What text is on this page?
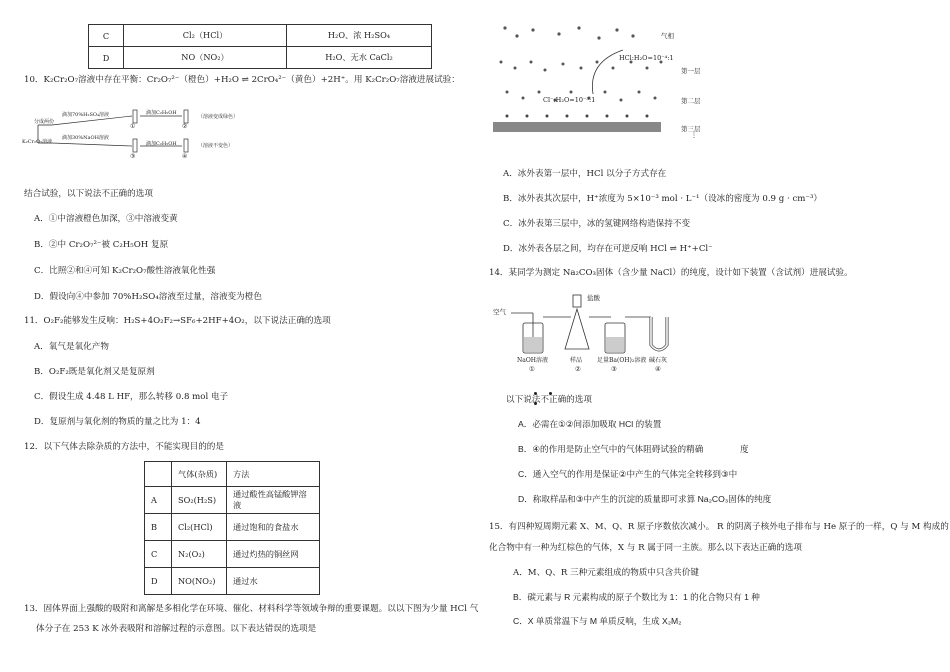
C	Cl₂（HCl）	H₂O、浓 H₂SO₄
D	NO（NO₂）	H₂O、无水 CaCl₂
10．K₂Cr₂O₇溶液中存在平衡：Cr₂O₇²⁻（橙色）+H₂O ⇌ 2CrO₄²⁻（黄色）+2H⁺。用 K₂Cr₂O₇溶液进展试验：
分成两份
K₂Cr₂O₇溶液
滴加70%H₂SO₄溶液
滴加30%NaOH溶液
滴加C₂H₅OH
滴加C₂H₅OH
（溶液变成绿色）
（溶液不变色）
①	②
③	④
结合试验，以下说法不正确的选项
A．①中溶液橙色加深，③中溶液变黄
B．②中 Cr₂O₇²⁻被 C₂H₅OH 复原
C．比照②和④可知 K₂Cr₂O₇酸性溶液氧化性强
D．假设向④中参加 70%H₂SO₄溶液至过量，溶液变为橙色
11．O₂F₂能够发生反响：H₂S+4O₂F₂→SF₆+2HF+4O₂，以下说法正确的选项
A．氧气是氧化产物
B．O₂F₂既是氧化剂又是复原剂
C．假设生成 4.48 L HF，那么转移 0.8 mol 电子
D．复原剂与氧化剂的物质的量之比为 1：4
12．以下气体去除杂质的方法中，不能实现目的的是
	气体(杂质)	方法
A	SO₂(H₂S)	通过酸性高锰酸钾溶液
B	Cl₂(HCl)	通过饱和的食盐水
C	N₂(O₂)	通过灼热的铜丝网
D	NO(NO₂)	通过水
13．固体界面上强酸的吸附和离解是多相化学在环境、催化、材料科学等领域争辩的重要课题。以以下图为少量 HCl 气
体分子在 253 K 冰外表吸附和溶解过程的示意图。以下表达错误的选项是
气相
HCl:H₂O=10⁻⁴:1
第一层
Cl⁻:H₂O=10⁻³:1	第二层
第三层
⋮
A．冰外表第一层中，HCl 以分子方式存在
B．冰外表其次层中，H⁺浓度为 5×10⁻³ mol · L⁻¹（设冰的密度为 0.9 g · cm⁻³）
C．冰外表第三层中，冰的氢键网络构造保持不变
D．冰外表各层之间，均存在可逆反响 HCl ⇌ H⁺+Cl⁻
14．某同学为测定 Na₂CO₃固体（含少量 NaCl）的纯度，设计如下装置（含试剂）进展试验。
空气
盐酸
NaOH溶液	样品 足量Ba(OH)₂溶液 碱石灰
①	②	③	④
以下说法不正确的选项
A．必需在①②间添加吸取 HCl 的装置
B．④的作用是防止空气中的气体阻碍试验的精确	度
C．通入空气的作用是保证②中产生的气体完全转移到③中
D．称取样品和③中产生的沉淀的质量即可求算 Na₂CO₃固体的纯度
15．有四种短周期元素 X、M、Q、R 原子序数依次减小。 R 的阴离子核外电子排布与 He 原子的一样，Q 与 M 构成的
化合物中有一种为红棕色的气体，X 与 R 属于同一主族。那么以下表达正确的选项
A．M、Q、R 三种元素组成的物质中只含共价键
B．碳元素与 R 元素构成的原子个数比为 1：1 的化合物只有 1 种
C．X 单质常温下与 M 单质反响，生成 X₂M₂
